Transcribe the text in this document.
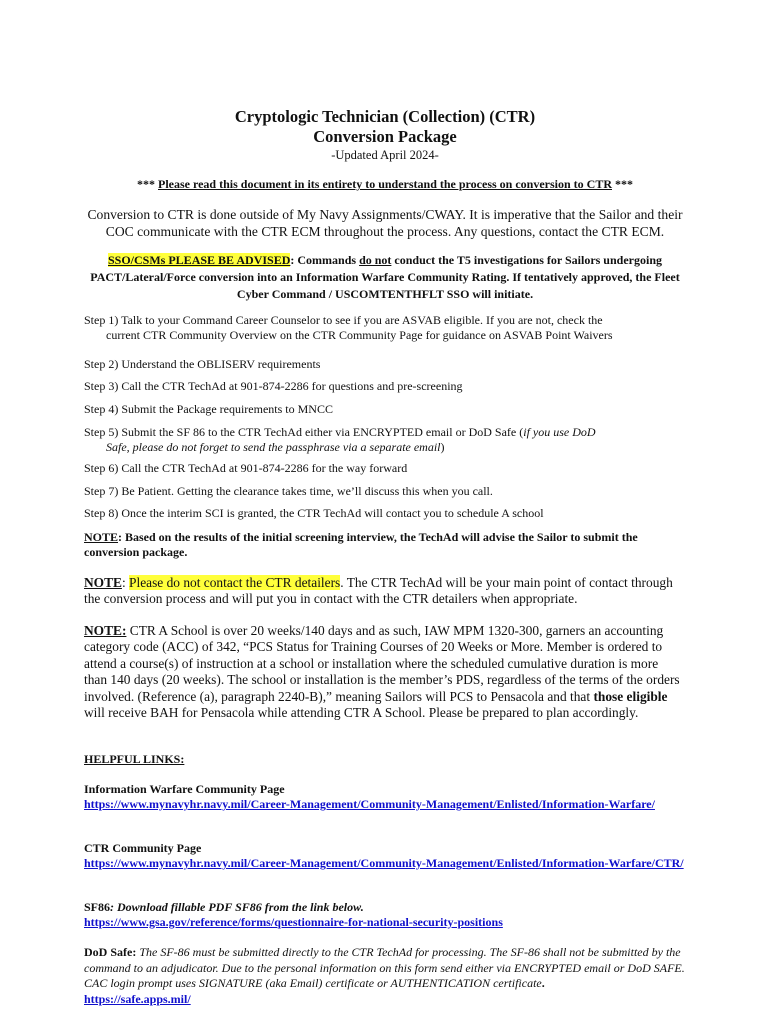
Cryptologic Technician (Collection) (CTR)
Conversion Package
-Updated April 2024-
*** Please read this document in its entirety to understand the process on conversion to CTR ***
Conversion to CTR is done outside of My Navy Assignments/CWAY. It is imperative that the Sailor and their COC communicate with the CTR ECM throughout the process. Any questions, contact the CTR ECM.
SSO/CSMs PLEASE BE ADVISED: Commands do not conduct the T5 investigations for Sailors undergoing PACT/Lateral/Force conversion into an Information Warfare Community Rating. If tentatively approved, the Fleet Cyber Command / USCOMTENTHFLT SSO will initiate.
Step 1) Talk to your Command Career Counselor to see if you are ASVAB eligible. If you are not, check the
current CTR Community Overview on the CTR Community Page for guidance on ASVAB Point Waivers
Step 2) Understand the OBLISERV requirements
Step 3) Call the CTR TechAd at 901-874-2286 for questions and pre-screening
Step 4) Submit the Package requirements to MNCC
Step 5) Submit the SF 86 to the CTR TechAd either via ENCRYPTED email or DoD Safe (if you use DoD
Safe, please do not forget to send the passphrase via a separate email)
Step 6) Call the CTR TechAd at 901-874-2286 for the way forward
Step 7) Be Patient. Getting the clearance takes time, we’ll discuss this when you call.
Step 8) Once the interim SCI is granted, the CTR TechAd will contact you to schedule A school
NOTE: Based on the results of the initial screening interview, the TechAd will advise the Sailor to submit the conversion package.
NOTE: Please do not contact the CTR detailers. The CTR TechAd will be your main point of contact through the conversion process and will put you in contact with the CTR detailers when appropriate.
NOTE: CTR A School is over 20 weeks/140 days and as such, IAW MPM 1320-300, garners an accounting category code (ACC) of 342, “PCS Status for Training Courses of 20 Weeks or More. Member is ordered to attend a course(s) of instruction at a school or installation where the scheduled cumulative duration is more than 140 days (20 weeks). The school or installation is the member’s PDS, regardless of the terms of the orders involved. (Reference (a), paragraph 2240-B),” meaning Sailors will PCS to Pensacola and that those eligible will receive BAH for Pensacola while attending CTR A School. Please be prepared to plan accordingly.
HELPFUL LINKS:
Information Warfare Community Page
https://www.mynavyhr.navy.mil/Career-Management/Community-Management/Enlisted/Information-Warfare/
CTR Community Page
https://www.mynavyhr.navy.mil/Career-Management/Community-Management/Enlisted/Information-Warfare/CTR/
SF86: Download fillable PDF SF86 from the link below.
https://www.gsa.gov/reference/forms/questionnaire-for-national-security-positions
DoD Safe: The SF-86 must be submitted directly to the CTR TechAd for processing. The SF-86 shall not be submitted by the command to an adjudicator. Due to the personal information on this form send either via ENCRYPTED email or DoD SAFE. CAC login prompt uses SIGNATURE (aka Email) certificate or AUTHENTICATION certificate.
https://safe.apps.mil/
